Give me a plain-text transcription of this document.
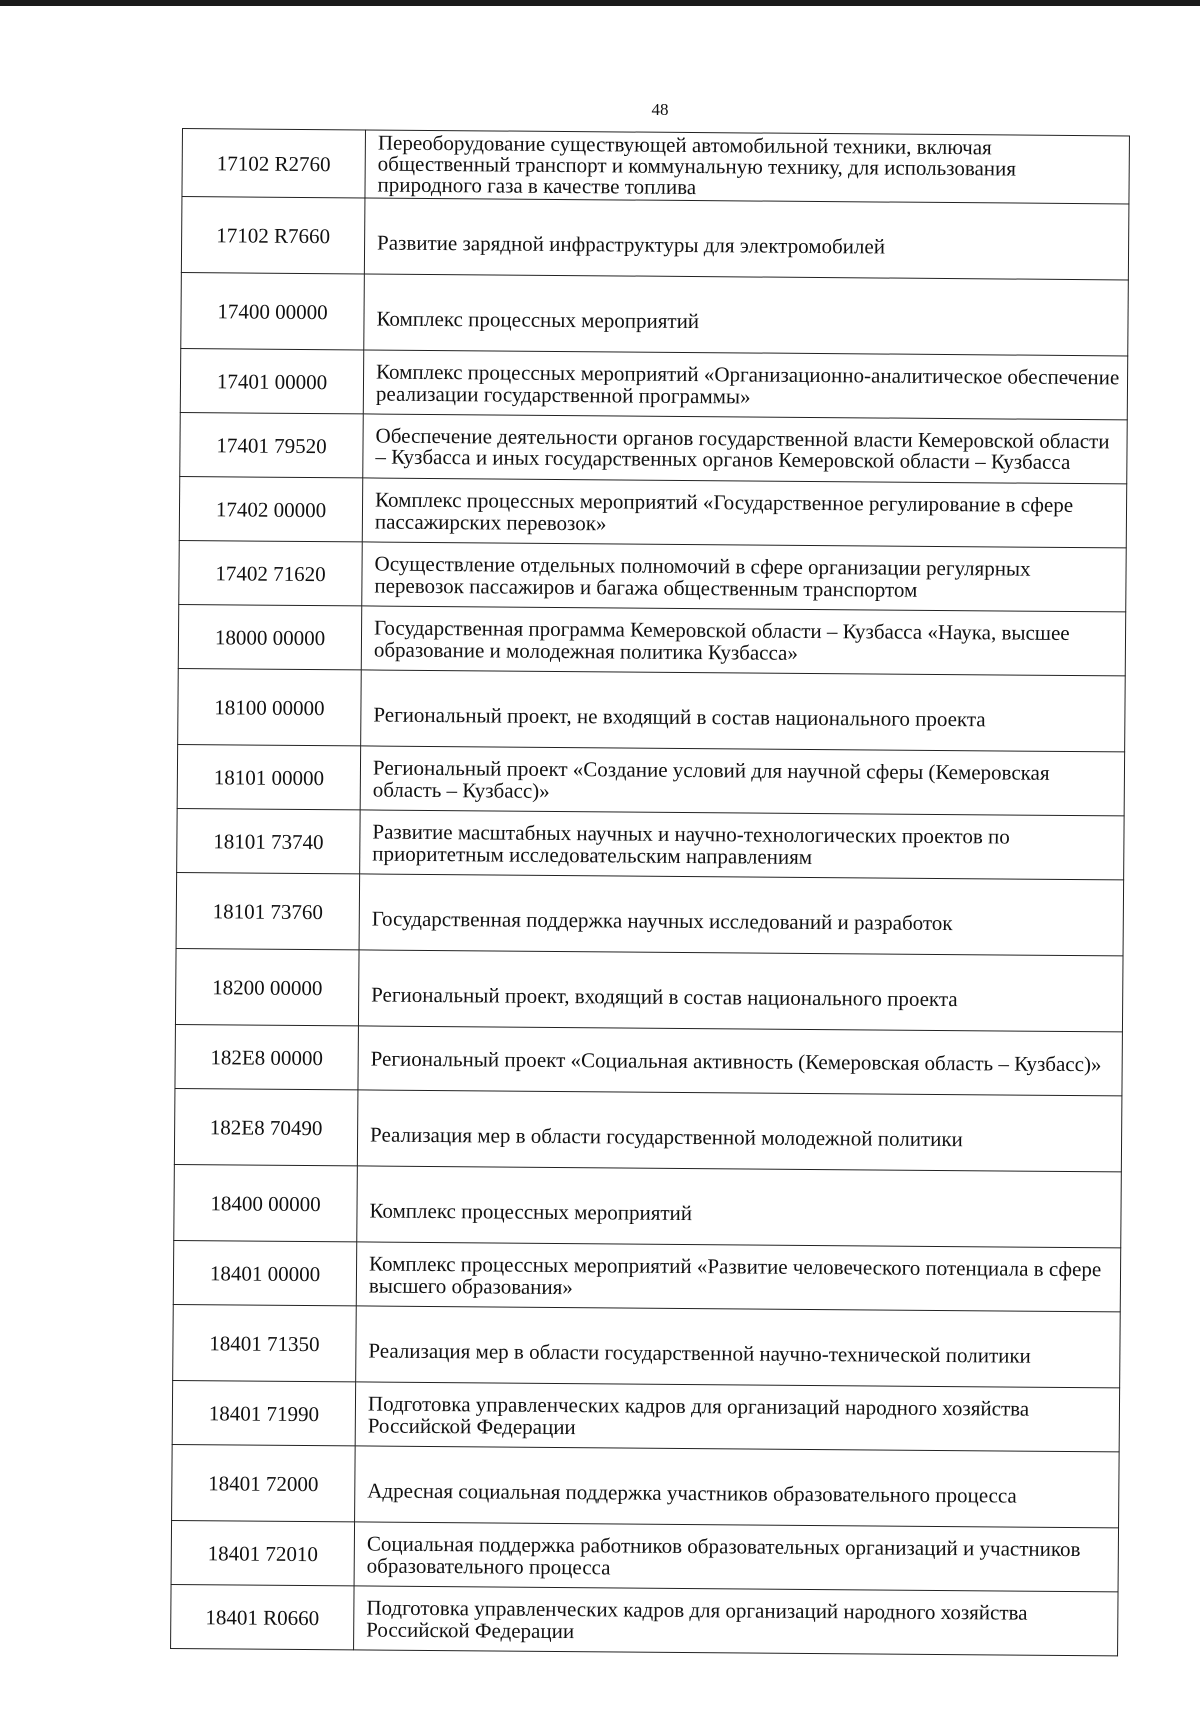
48
17102 R2760	Переоборудование существующей автомобильной техники, включая общественный транспорт и коммунальную технику, для использования природного газа в качестве топлива
17102 R7660	Развитие зарядной инфраструктуры для электромобилей
17400 00000	Комплекс процессных мероприятий
17401 00000	Комплекс процессных мероприятий «Организационно-аналитическое обеспечение реализации государственной программы»
17401 79520	Обеспечение деятельности органов государственной власти Кемеровской области – Кузбасса и иных государственных органов Кемеровской области – Кузбасса
17402 00000	Комплекс процессных мероприятий «Государственное регулирование в сфере пассажирских перевозок»
17402 71620	Осуществление отдельных полномочий в сфере организации регулярных перевозок пассажиров и багажа общественным транспортом
18000 00000	Государственная программа Кемеровской области – Кузбасса «Наука, высшее образование и молодежная политика Кузбасса»
18100 00000	Региональный проект, не входящий в состав национального проекта
18101 00000	Региональный проект «Создание условий для научной сферы (Кемеровская область – Кузбасс)»
18101 73740	Развитие масштабных научных и научно-технологических проектов по приоритетным исследовательским направлениям
18101 73760	Государственная поддержка научных исследований и разработок
18200 00000	Региональный проект, входящий в состав национального проекта
182E8 00000	Региональный проект «Социальная активность (Кемеровская область – Кузбасс)»
182E8 70490	Реализация мер в области государственной молодежной политики
18400 00000	Комплекс процессных мероприятий
18401 00000	Комплекс процессных мероприятий «Развитие человеческого потенциала в сфере высшего образования»
18401 71350	Реализация мер в области государственной научно-технической политики
18401 71990	Подготовка управленческих кадров для организаций народного хозяйства Российской Федерации
18401 72000	Адресная социальная поддержка участников образовательного процесса
18401 72010	Социальная поддержка работников образовательных организаций и участников образовательного процесса
18401 R0660	Подготовка управленческих кадров для организаций народного хозяйства Российской Федерации
